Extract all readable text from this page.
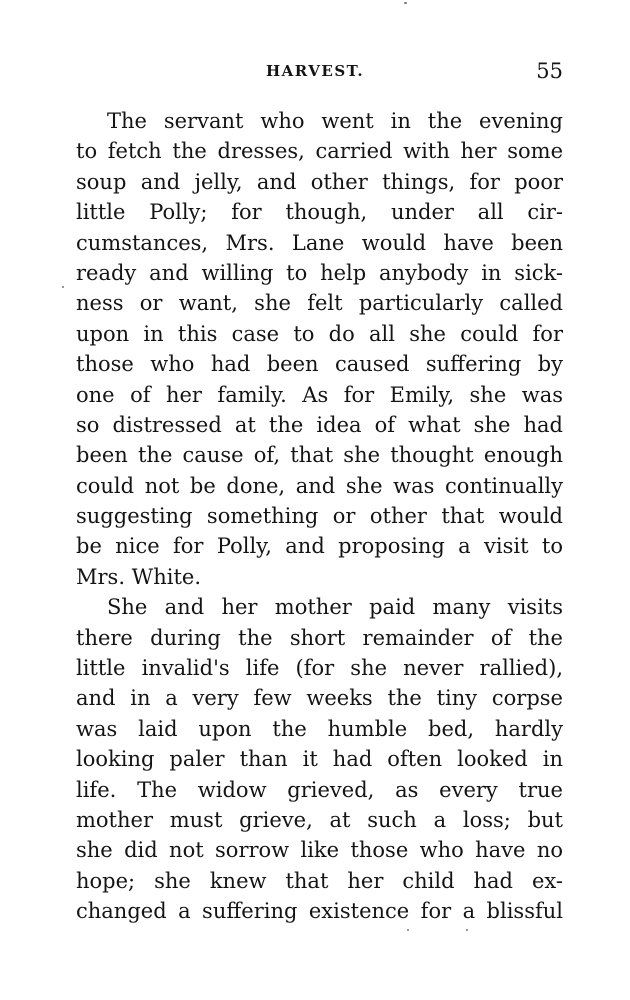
HARVEST.	55
The servant who went in the evening
to fetch the dresses, carried with her some
soup and jelly, and other things, for poor
little Polly; for though, under all cir-
cumstances, Mrs. Lane would have been
ready and willing to help anybody in sick-
ness or want, she felt particularly called
upon in this case to do all she could for
those who had been caused suffering by
one of her family. As for Emily, she was
so distressed at the idea of what she had
been the cause of, that she thought enough
could not be done, and she was continually
suggesting something or other that would
be nice for Polly, and proposing a visit to
Mrs. White.
She and her mother paid many visits
there during the short remainder of the
little invalid's life (for she never rallied),
and in a very few weeks the tiny corpse
was laid upon the humble bed, hardly
looking paler than it had often looked in
life. The widow grieved, as every true
mother must grieve, at such a loss; but
she did not sorrow like those who have no
hope; she knew that her child had ex-
changed a suffering existence for a blissful
